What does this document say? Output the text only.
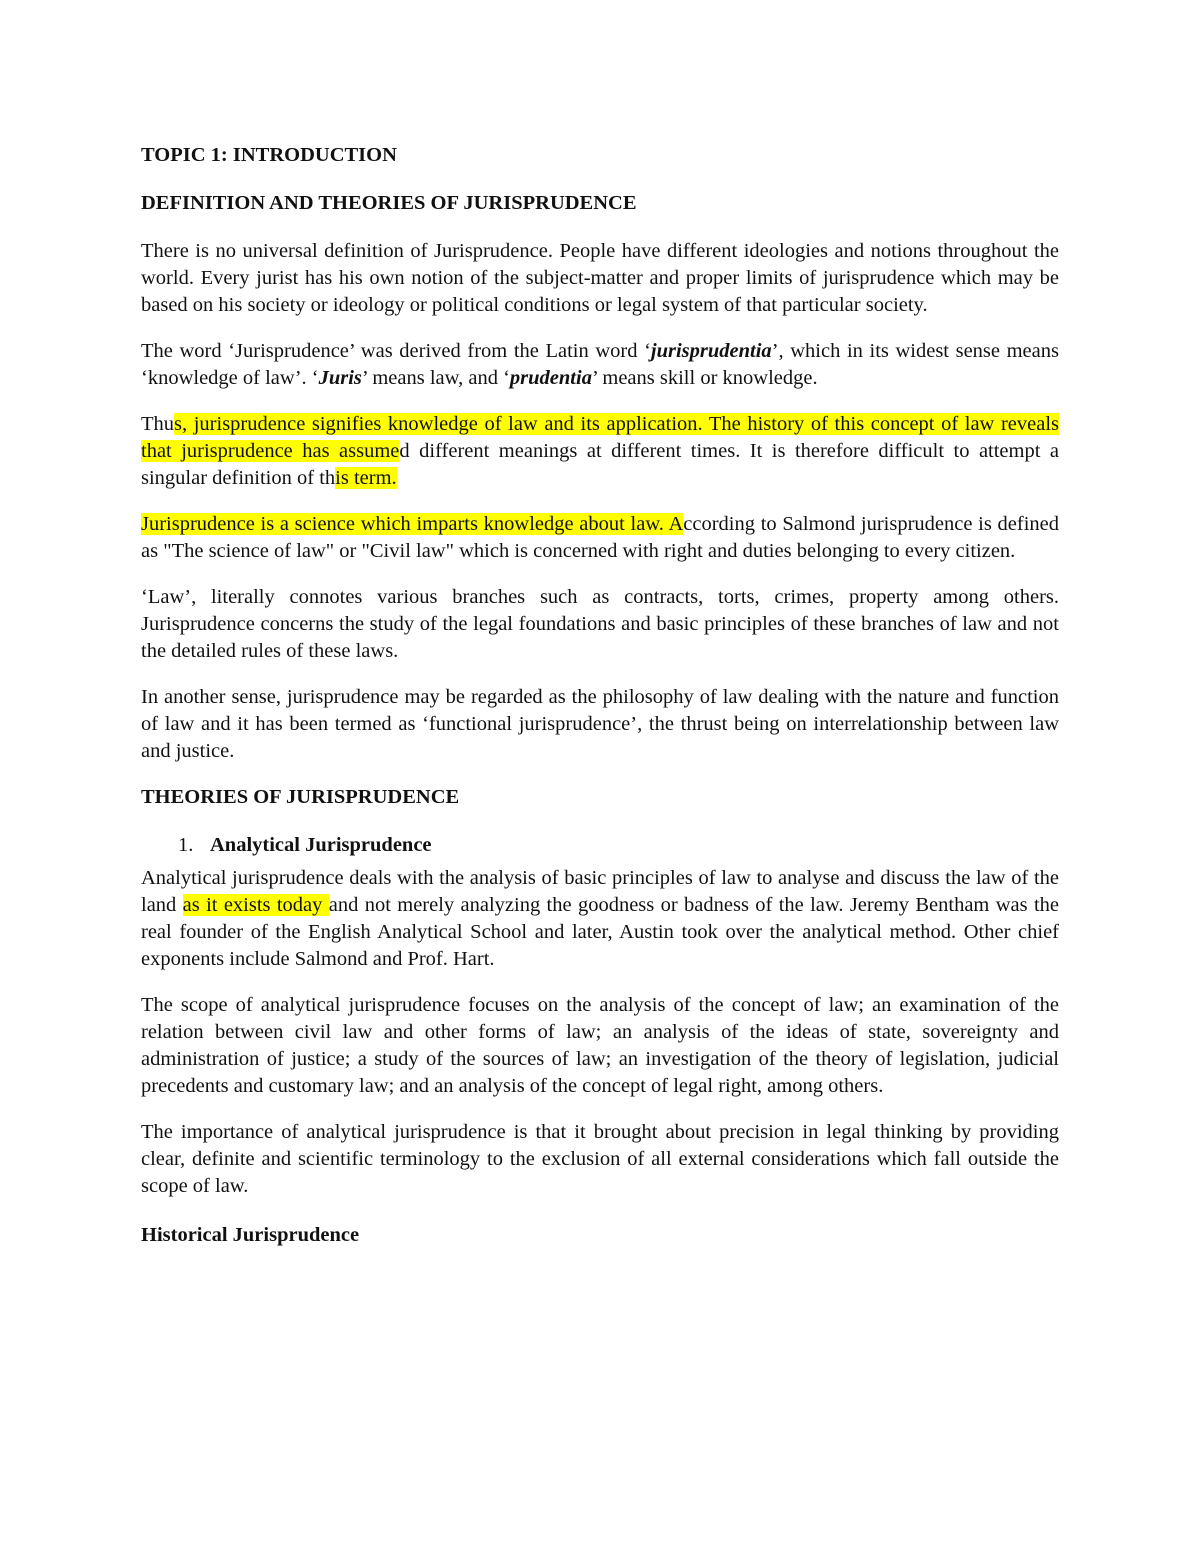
TOPIC 1: INTRODUCTION
DEFINITION AND THEORIES OF JURISPRUDENCE

There is no universal definition of Jurisprudence. People have different ideologies and notions throughout the world. Every jurist has his own notion of the subject-matter and proper limits of jurisprudence which may be based on his society or ideology or political conditions or legal system of that particular society.

The word ‘Jurisprudence’ was derived from the Latin word ‘jurisprudentia’, which in its widest sense means ‘knowledge of law’. ‘Juris’ means law, and ‘prudentia’ means skill or knowledge.

Thus, jurisprudence signifies knowledge of law and its application. The history of this concept of law reveals that jurisprudence has assumed different meanings at different times. It is therefore difficult to attempt a singular definition of this term.

Jurisprudence is a science which imparts knowledge about law. According to Salmond jurisprudence is defined as "The science of law" or "Civil law" which is concerned with right and duties belonging to every citizen.

‘Law’, literally connotes various branches such as contracts, torts, crimes, property among others. Jurisprudence concerns the study of the legal foundations and basic principles of these branches of law and not the detailed rules of these laws.

In another sense, jurisprudence may be regarded as the philosophy of law dealing with the nature and function of law and it has been termed as ‘functional jurisprudence’, the thrust being on interrelationship between law and justice.

THEORIES OF JURISPRUDENCE
1. Analytical Jurisprudence

Analytical jurisprudence deals with the analysis of basic principles of law to analyse and discuss the law of the land as it exists today and not merely analyzing the goodness or badness of the law. Jeremy Bentham was the real founder of the English Analytical School and later, Austin took over the analytical method. Other chief exponents include Salmond and Prof. Hart.

The scope of analytical jurisprudence focuses on the analysis of the concept of law; an examination of the relation between civil law and other forms of law; an analysis of the ideas of state, sovereignty and administration of justice; a study of the sources of law; an investigation of the theory of legislation, judicial precedents and customary law; and an analysis of the concept of legal right, among others.

The importance of analytical jurisprudence is that it brought about precision in legal thinking by providing clear, definite and scientific terminology to the exclusion of all external considerations which fall outside the scope of law.

Historical Jurisprudence
